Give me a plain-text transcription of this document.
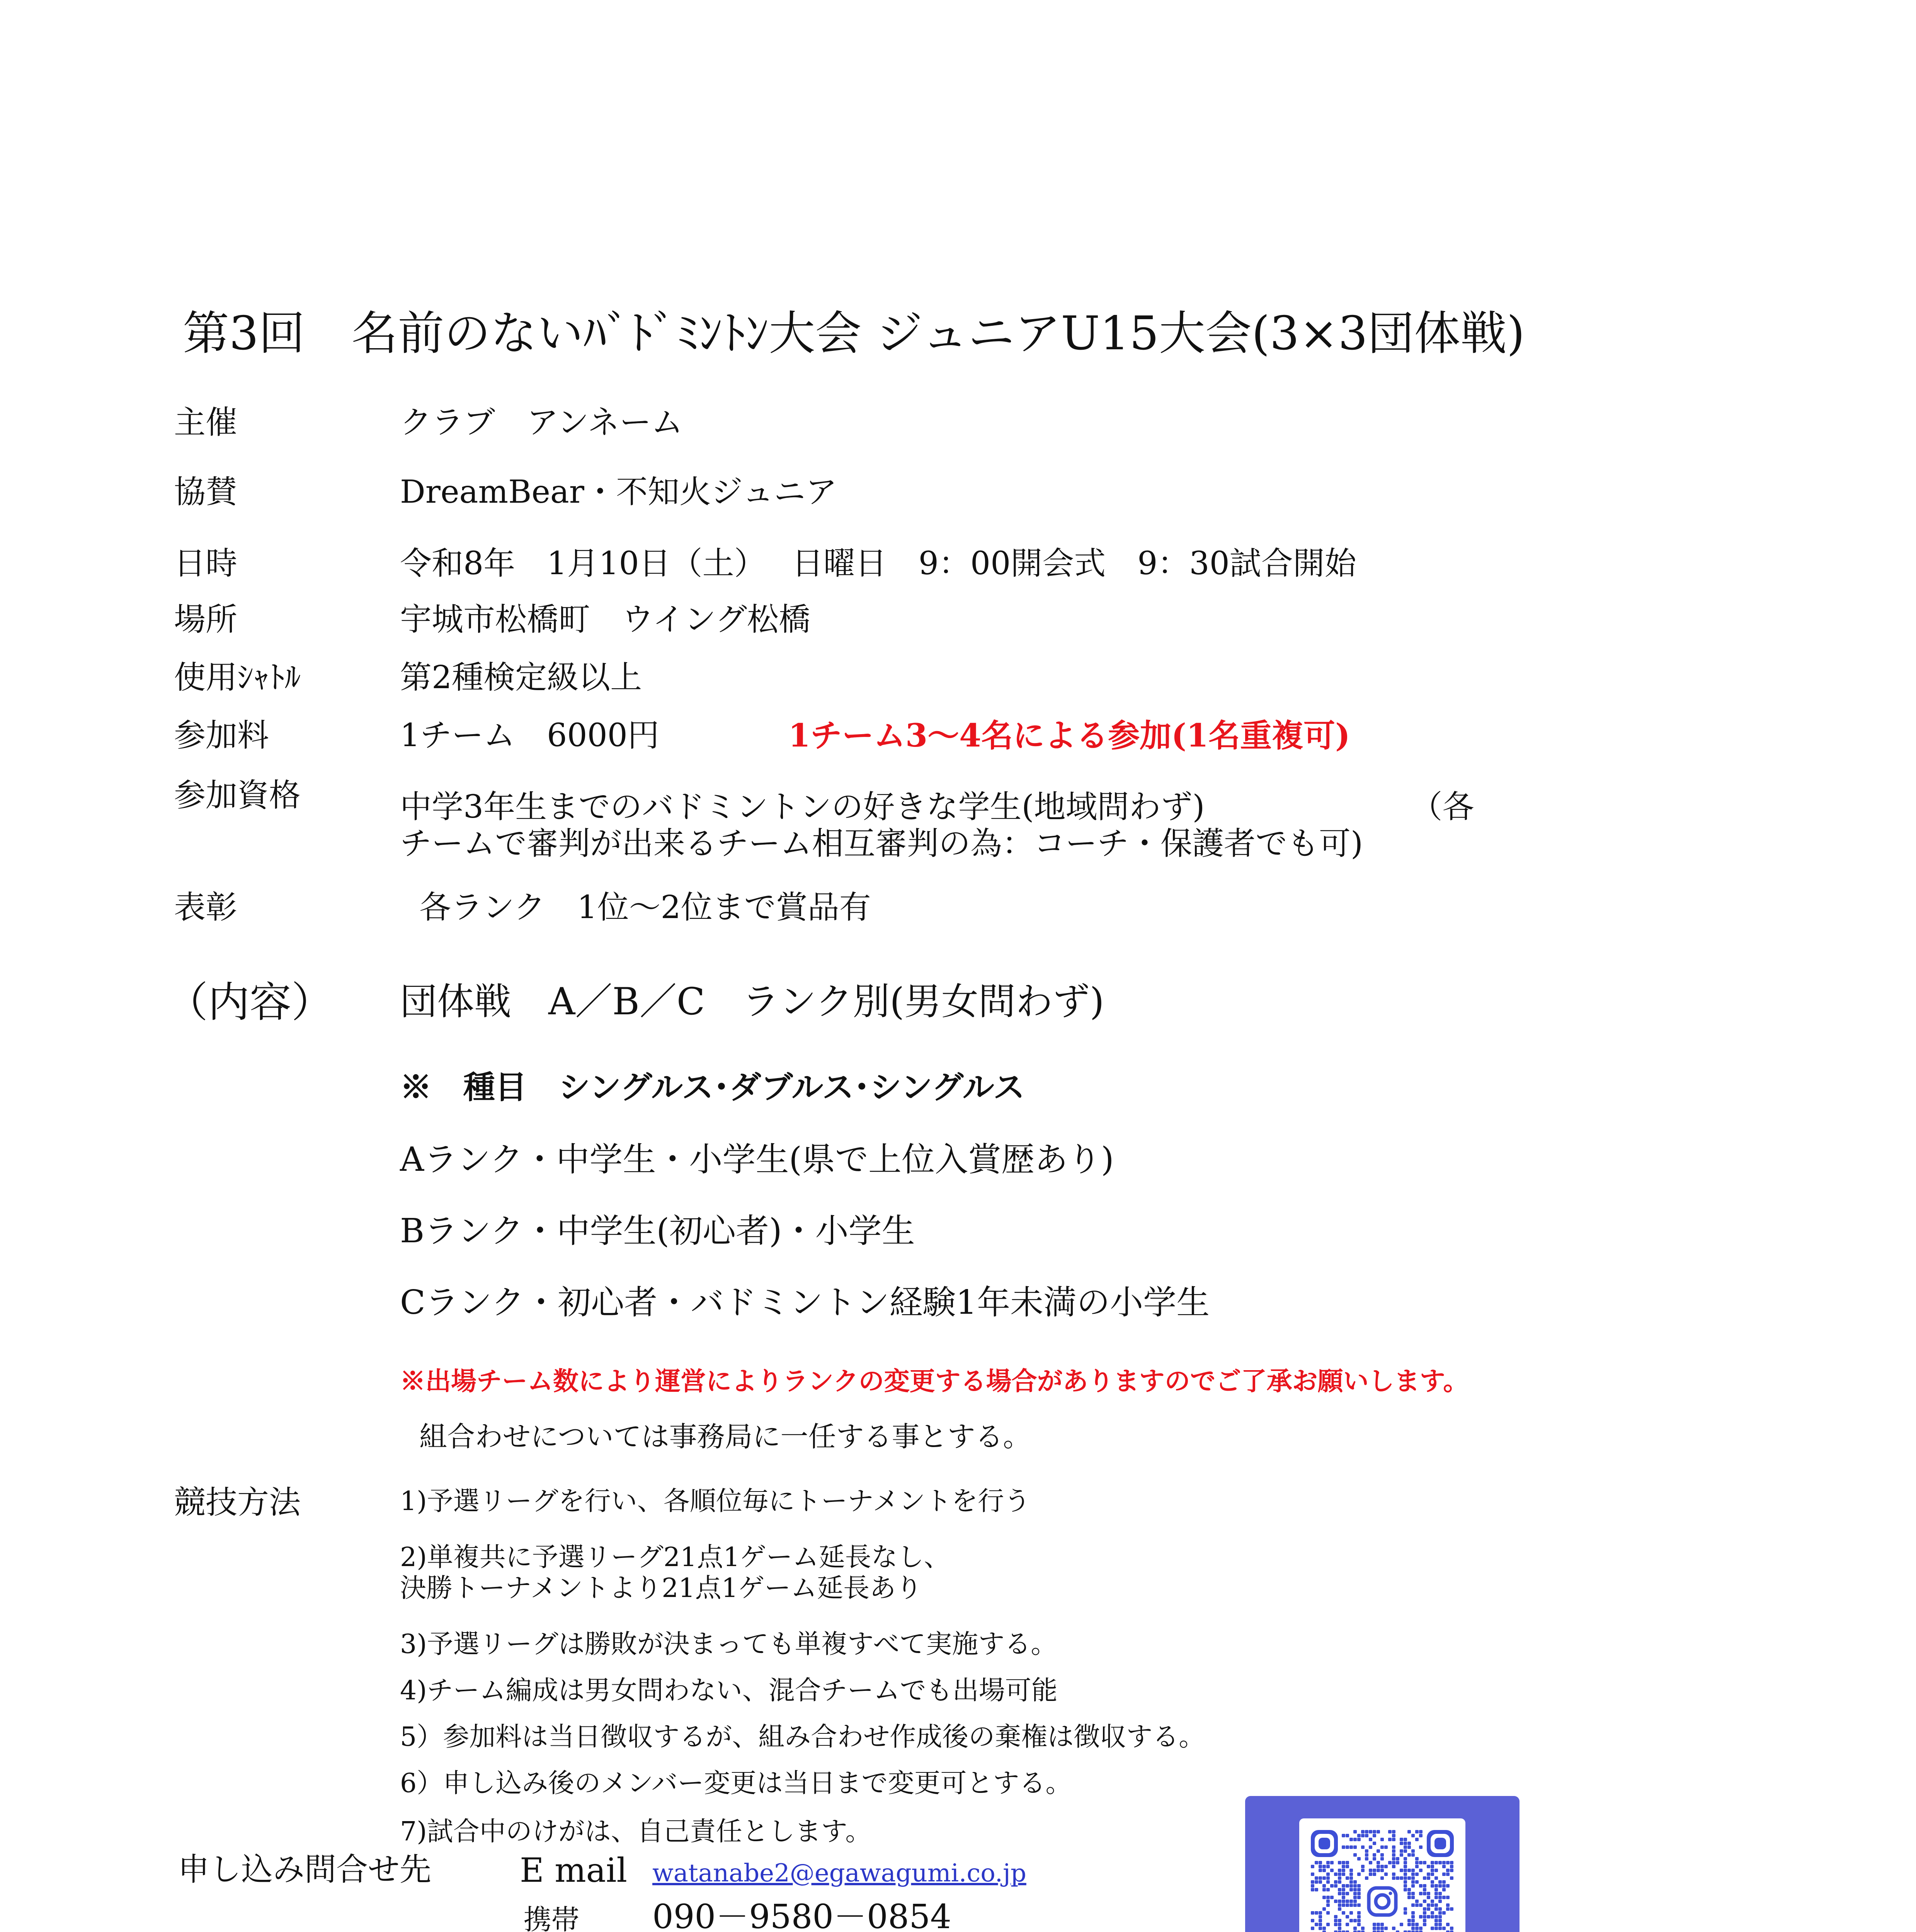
第3回　名前のないﾊﾞﾄﾞﾐﾝﾄﾝ大会 ジュニアU15大会(3×3団体戦)
主催	クラブ　アンネーム
協賛	DreamBear・不知火ジュニア
日時	令和8年　1月10日（土）　 日曜日　9：00開会式　9：30試合開始
場所	宇城市松橋町　ウイング松橋
使用ｼｬﾄﾙ	第2種検定級以上
参加料	1チーム　6000円	1チーム3～4名による参加(1名重複可)
参加資格	中学3年生までのバドミントンの好きな学生(地域問わず)　　　　　　　（各
チームで審判が出来るチーム相互審判の為：コーチ・保護者でも可)
表彰	各ランク　1位～2位まで賞品有
（内容） 団体戦　A／B／C　ランク別(男女問わず)
※　種目　シングルス･ダブルス･シングルス
Aランク・中学生・小学生(県で上位入賞歴あり)
Bランク・中学生(初心者)・小学生
Cランク・初心者・バドミントン経験1年未満の小学生
※出場チーム数により運営によりランクの変更する場合がありますのでご了承お願いします。
組合わせについては事務局に一任する事とする。
競技方法	1)予選リーグを行い、各順位毎にトーナメントを行う
2)単複共に予選リーグ21点1ゲーム延長なし、
決勝トーナメントより21点1ゲーム延長あり
3)予選リーグは勝敗が決まっても単複すべて実施する。
4)チーム編成は男女問わない、混合チームでも出場可能
5）参加料は当日徴収するが、組み合わせ作成後の棄権は徴収する。
6）申し込み後のメンバー変更は当日まで変更可とする。
7)試合中のけがは、自己責任とします。
申し込み問合せ先	E mail watanabe2@egawagumi.co.jp
携帯 090－9580－0854
